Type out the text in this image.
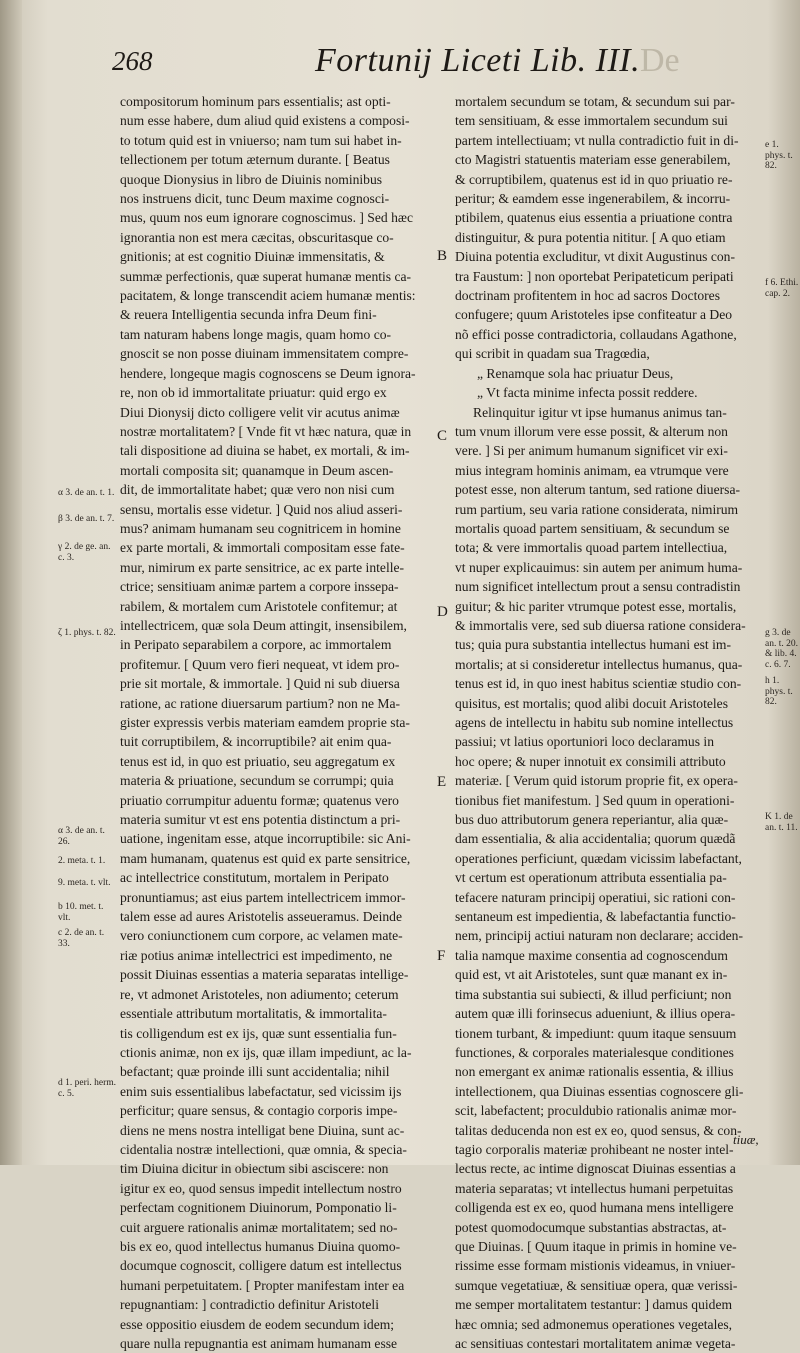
268	Fortunij Liceti Lib. III. De
compositorum hominum pars essentialis; ast opti-
num esse habere, dum aliud quid existens a composi-
to totum quid est in vniuerso; nam tum sui habet in-
tellectionem per totum æternum durante. [ Beatus
quoque Dionysius in libro de Diuinis nominibus
nos instruens dicit, tunc Deum maxime cognosci-
mus, quum nos eum ignorare cognoscimus. ] Sed hæc
ignorantia non est mera cæcitas, obscuritasque co-
gnitionis; at est cognitio Diuinæ immensitatis, &
summæ perfectionis, quæ superat humanæ mentis ca-
pacitatem, & longe transcendit aciem humanæ mentis:
& reuera Intelligentia secunda infra Deum fini-
tam naturam habens longe magis, quam homo co-
gnoscit se non posse diuinam immensitatem compre-
hendere, longeque magis cognoscens se Deum ignora-
re, non ob id immortalitate priuatur: quid ergo ex
Diui Dionysij dicto colligere velit vir acutus animæ
nostræ mortalitatem? [ Vnde fit vt hæc natura, quæ in
tali dispositione ad diuina se habet, ex mortali, & im-
mortali composita sit; quanamque in Deum ascen-
dit, de immortalitate habet; quæ vero non nisi cum
sensu, mortalis esse videtur. ] Quid nos aliud asseri-
mus? animam humanam seu cognitricem in homine
ex parte mortali, & immortali compositam esse fate-
mur, nimirum ex parte sensitrice, ac ex parte intelle-
ctrice; sensitiuam animæ partem a corpore inssepa-
rabilem, & mortalem cum Aristotele confitemur; at
intellectricem, quæ sola Deum attingit, insensibilem,
in Peripato separabilem a corpore, ac immortalem
profitemur. [ Quum vero fieri nequeat, vt idem pro-
prie sit mortale, & immortale. ] Quid ni sub diuersa
ratione, ac ratione diuersarum partium? non ne Ma-
gister expressis verbis materiam eamdem proprie sta-
tuit corruptibilem, & incorruptibile? ait enim qua-
tenus est id, in quo est priuatio, seu aggregatum ex
materia & priuatione, secundum se corrumpi; quia
priuatio corrumpitur aduentu formæ; quatenus vero
materia sumitur vt est ens potentia distinctum a pri-
uatione, ingenitam esse, atque incorruptibile: sic Ani-
mam humanam, quatenus est quid ex parte sensitrice,
ac intellectrice constitutum, mortalem in Peripato
pronuntiamus; ast eius partem intellectricem immor-
talem esse ad aures Aristotelis asseueramus. Deinde
vero coniunctionem cum corpore, ac velamen mate-
riæ potius animæ intellectrici est impedimento, ne
possit Diuinas essentias a materia separatas intellige-
re, vt admonet Aristoteles, non adiumento; ceterum
essentiale attributum mortalitatis, & immortalita-
tis colligendum est ex ijs, quæ sunt essentialia fun-
ctionis animæ, non ex ijs, quæ illam impediunt, ac la-
befactant; quæ proinde illi sunt accidentalia; nihil
enim suis essentialibus labefactatur, sed vicissim ijs
perficitur; quare sensus, & contagio corporis impe-
diens ne mens nostra intelligat bene Diuina, sunt ac-
cidentalia nostræ intellectioni, quæ omnia, & specia-
tim Diuina dicitur in obiectum sibi asciscere: non
igitur ex eo, quod sensus impedit intellectum nostro
perfectam cognitionem Diuinorum, Pomponatio li-
cuit arguere rationalis animæ mortalitatem; sed no-
bis ex eo, quod intellectus humanus Diuina quomo-
documque cognoscit, colligere datum est intellectus
humani perpetuitatem. [ Propter manifestam inter ea
repugnantiam: ] contradictio definitur Aristoteli
esse oppositio eiusdem de eodem secundum idem;
quare nulla repugnantia est animam humanam esse
mortalem secundum se totam, & secundum sui par-
tem sensitiuam, & esse immortalem secundum sui
partem intellectiuam; vt nulla contradictio fuit in di-
cto Magistri statuentis materiam esse generabilem,
& corruptibilem, quatenus est id in quo priuatio re-
peritur; & eamdem esse ingenerabilem, & incorru-
ptibilem, quatenus eius essentia a priuatione contra
distinguitur, & pura potentia nititur. [ A quo etiam
Diuina potentia excluditur, vt dixit Augustinus con-
tra Faustum: ] non oportebat Peripateticum peripati
doctrinam profitentem in hoc ad sacros Doctores
confugere; quum Aristoteles ipse confiteatur a Deo
nõ effici posse contradictoria, collaudans Agathone,
qui scribit in quadam sua Tragœdia,
„ Renamque sola hac priuatur Deus,
„ Vt facta minime infecta possit reddere.
Relinquitur igitur vt ipse humanus animus tan-
tum vnum illorum vere esse possit, & alterum non
vere. ] Si per animum humanum significet vir exi-
mius integram hominis animam, ea vtrumque vere
potest esse, non alterum tantum, sed ratione diuersa-
rum partium, seu varia ratione considerata, nimirum
mortalis quoad partem sensitiuam, & secundum se
tota; & vere immortalis quoad partem intellectiua,
vt nuper explicauimus: sin autem per animum huma-
num significet intellectum prout a sensu contradistin
guitur; & hic pariter vtrumque potest esse, mortalis,
& immortalis vere, sed sub diuersa ratione considera-
tus; quia pura substantia intellectus humani est im-
mortalis; at si consideretur intellectus humanus, qua-
tenus est id, in quo inest habitus scientiæ studio con-
quisitus, est mortalis; quod alibi docuit Aristoteles
agens de intellectu in habitu sub nomine intellectus
passiui; vt latius oportuniori loco declaramus in
hoc opere; & nuper innotuit ex consimili attributo
materiæ. [ Verum quid istorum proprie fit, ex opera-
tionibus fiet manifestum. ] Sed quum in operationi-
bus duo attributorum genera reperiantur, alia quæ-
dam essentialia, & alia accidentalia; quorum quædã
operationes perficiunt, quædam vicissim labefactant,
vt certum est operationum attributa essentialia pa-
tefacere naturam principij operatiui, sic rationi con-
sentaneum est impedientia, & labefactantia functio-
nem, principij actiui naturam non declarare; acciden-
talia namque maxime consentia ad cognoscendum
quid est, vt ait Aristoteles, sunt quæ manant ex in-
tima substantia sui subiecti, & illud perficiunt; non
autem quæ illi forinsecus adueniunt, & illius opera-
tionem turbant, & impediunt: quum itaque sensuum
functiones, & corporales materialesque conditiones
non emergant ex animæ rationalis essentia, & illius
intellectionem, qua Diuinas essentias cognoscere gli-
scit, labefactent; proculdubio rationalis animæ mor-
talitas deducenda non est ex eo, quod sensus, & con-
tagio corporalis materiæ prohibeant ne noster intel-
lectus recte, ac intime dignoscat Diuinas essentias a
materia separatas; vt intellectus humani perpetuitas
colligenda est ex eo, quod humana mens intelligere
potest quomodocumque substantias abstractas, at-
que Diuinas. [ Quum itaque in primis in homine ve-
rissime esse formam mistionis videamus, in vniuer-
sumque vegetatiuæ, & sensitiuæ opera, quæ verissi-
me semper mortalitatem testantur: ] damus quidem
hæc omnia; sed admonemus operationes vegetales,
ac sensitiuas contestari mortalitatem animæ vegeta-
B
C
D
E
F
α 3. de an. t. 1.
β 3. de an. t. 7.
γ 2. de ge. an. c. 3.
ζ 1. phys. t. 82.
α 3. de an. t. 26.
2. meta. t. 1.
9. meta. t. vlt.
b 10. met. t. vlt.
c 2. de an. t. 33.
d 1. peri. herm. c. 5.
e 1. phys. t. 82.
f 6. Ethi. cap. 2.
g 3. de an. t. 20. & lib. 4. c. 6. 7.
h 1. phys. t. 82.
K 1. de an. t. 11.
tiuæ,
